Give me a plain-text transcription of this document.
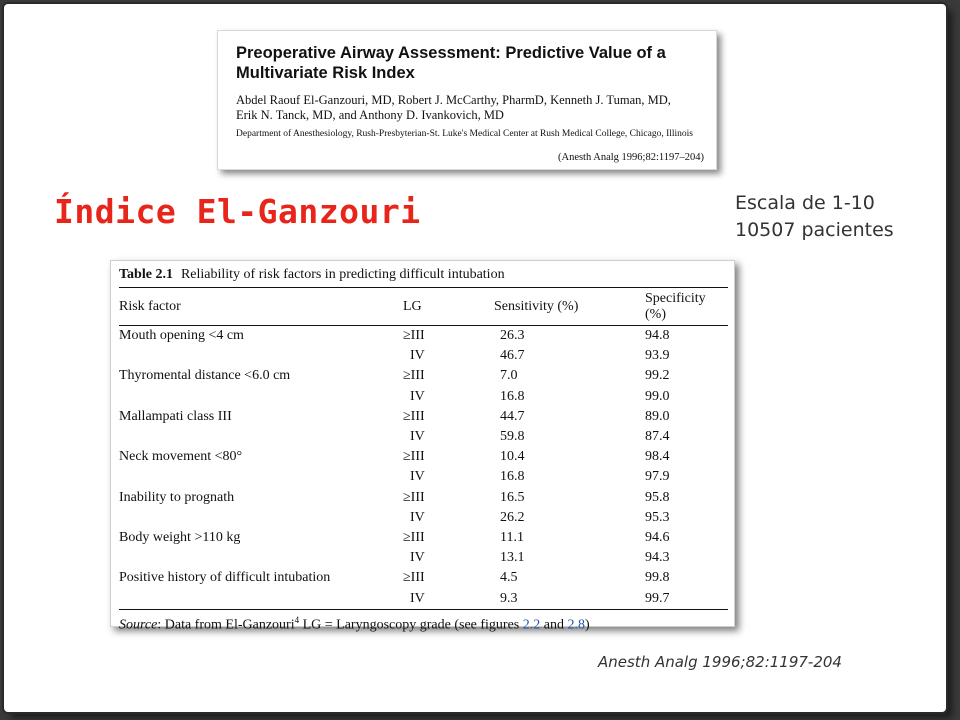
Preoperative Airway Assessment: Predictive Value of a Multivariate Risk Index
Abdel Raouf El-Ganzouri, MD, Robert J. McCarthy, PharmD, Kenneth J. Tuman, MD,
Erik N. Tanck, MD, and Anthony D. Ivankovich, MD
Department of Anesthesiology, Rush-Presbyterian-St. Luke's Medical Center at Rush Medical College, Chicago, Illinois
(Anesth Analg 1996;82:1197–204)
Índice El-Ganzouri	Escala de 1-10
10507 pacientes
Table 2.1 Reliability of risk factors in predicting difficult intubation
Risk factor	LG	Sensitivity (%)	Specificity (%)
Mouth opening <4 cm	≥III	26.3	94.8
	IV	46.7	93.9
Thyromental distance <6.0 cm	≥III	7.0	99.2
	IV	16.8	99.0
Mallampati class III	≥III	44.7	89.0
	IV	59.8	87.4
Neck movement <80°	≥III	10.4	98.4
	IV	16.8	97.9
Inability to prognath	≥III	16.5	95.8
	IV	26.2	95.3
Body weight >110 kg	≥III	11.1	94.6
	IV	13.1	94.3
Positive history of difficult intubation	≥III	4.5	99.8
	IV	9.3	99.7
Source: Data from El-Ganzouri$^4$ LG = Laryngoscopy grade (see figures 2.2 and 2.8)
Anesth Analg 1996;82:1197-204
